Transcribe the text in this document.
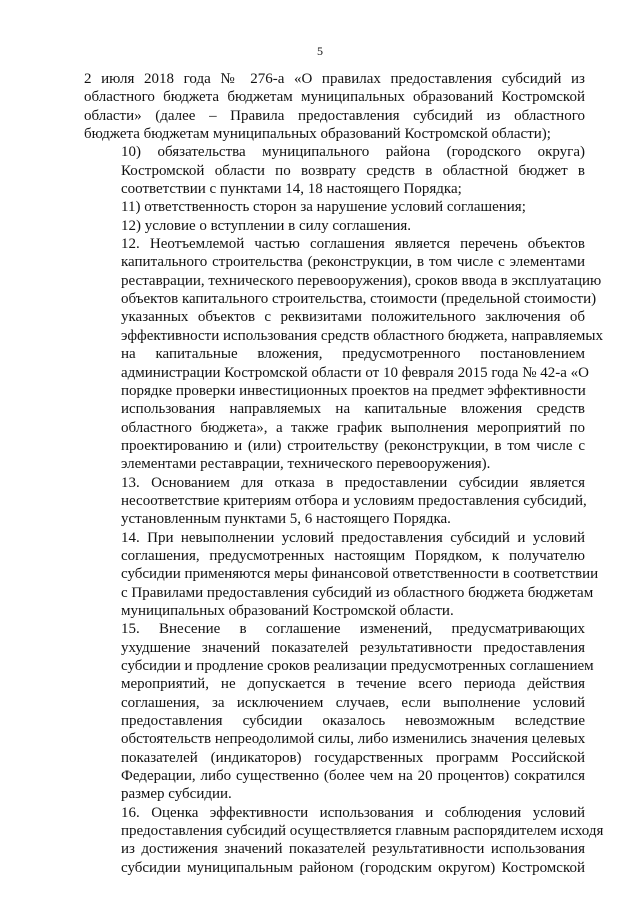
5

2 июля 2018 года № 276-а «О правилах предоставления субсидий из
областного бюджета бюджетам муниципальных образований Костромской
области» (далее – Правила предоставления субсидий из областного
бюджета бюджетам муниципальных образований Костромской области);

10) обязательства муниципального района (городского округа)
Костромской области по возврату средств в областной бюджет в
соответствии с пунктами 14, 18 настоящего Порядка;

11) ответственность сторон за нарушение условий соглашения;

12) условие о вступлении в силу соглашения.

12. Неотъемлемой частью соглашения является перечень объектов
капитального строительства (реконструкции, в том числе с элементами
реставрации, технического перевооружения), сроков ввода в эксплуатацию
объектов капитального строительства, стоимости (предельной стоимости)
указанных объектов с реквизитами положительного заключения об
эффективности использования средств областного бюджета, направляемых
на капитальные вложения, предусмотренного постановлением
администрации Костромской области от 10 февраля 2015 года № 42-а «О
порядке проверки инвестиционных проектов на предмет эффективности
использования направляемых на капитальные вложения средств
областного бюджета», а также график выполнения мероприятий по
проектированию и (или) строительству (реконструкции, в том числе с
элементами реставрации, технического перевооружения).

13. Основанием для отказа в предоставлении субсидии является
несоответствие критериям отбора и условиям предоставления субсидий,
установленным пунктами 5, 6 настоящего Порядка.

14. При невыполнении условий предоставления субсидий и условий
соглашения, предусмотренных настоящим Порядком, к получателю
субсидии применяются меры финансовой ответственности в соответствии
с Правилами предоставления субсидий из областного бюджета бюджетам
муниципальных образований Костромской области.

15. Внесение в соглашение изменений, предусматривающих
ухудшение значений показателей результативности предоставления
субсидии и продление сроков реализации предусмотренных соглашением
мероприятий, не допускается в течение всего периода действия
соглашения, за исключением случаев, если выполнение условий
предоставления субсидии оказалось невозможным вследствие
обстоятельств непреодолимой силы, либо изменились значения целевых
показателей (индикаторов) государственных программ Российской
Федерации, либо существенно (более чем на 20 процентов) сократился
размер субсидии.

16. Оценка эффективности использования и соблюдения условий
предоставления субсидий осуществляется главным распорядителем исходя
из достижения значений показателей результативности использования
субсидии муниципальным районом (городским округом) Костромской
